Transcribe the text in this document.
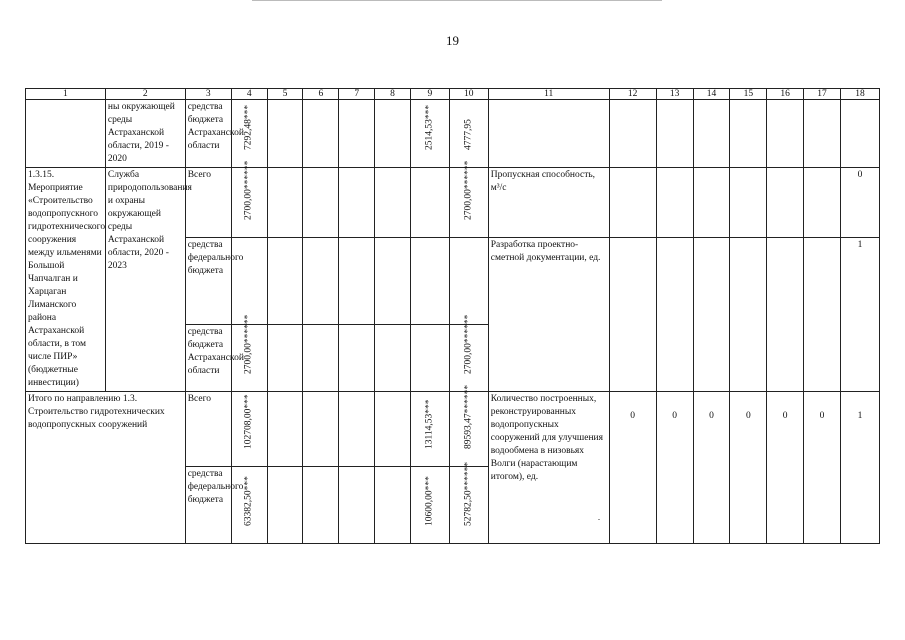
19
1	2	3	4	5	6	7	8	9	10	11	12	13	14	15	16	17	18
	ны окружающей среды Астраханской области, 2019 - 2020	средства бюджета Астраханской области	7292,48***					2514,53***	4777,95								

1.3.15. Мероприятие «Строительство водопропускного гидротехнического сооружения между ильменями Большой Чапчалган и Харцаган Лиманского района Астраханской области, в том числе ПИР» (бюджетные инвестиции)	Служба природопользования и охраны окружающей среды Астраханской области, 2020 - 2023	Всего	2700,00******						2700,00******	Пропускная способность, м³/с							0
		средства федерального бюджета								Разработка проектно-сметной документации, ед.							1
		средства бюджета Астраханской области	2700,00******						2700,00******								

Итого по направлению 1.3. Строительство гидротехнических водопропускных сооружений		Всего	102708,00***					13114,53***	89593,47******	Количество построенных, реконструированных водопропускных сооружений для улучшения водообмена в низовьях Волги (нарастающим итогом), ед.	0	0	0	0	0	0	1
		средства федерального бюджета	63382,50***					10600,00***	52782,50******								
